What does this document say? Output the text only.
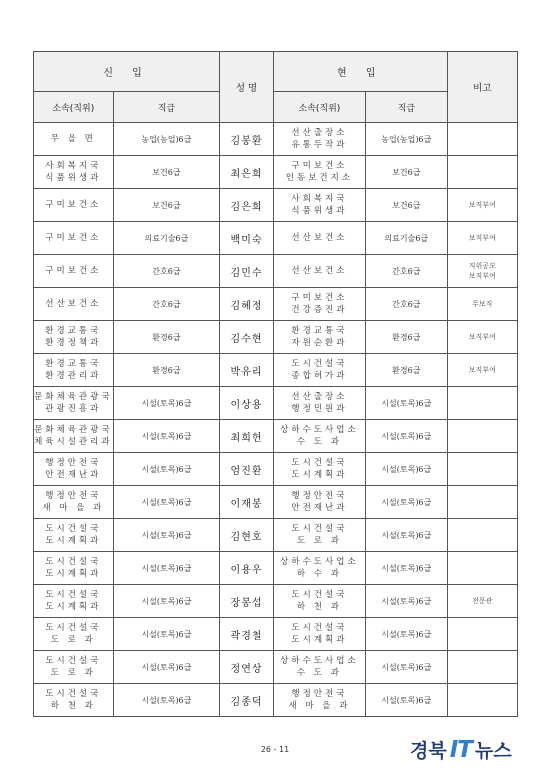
신 입		성 명	현 입		비고
소속(직위)	직급		소속(직위)	직급	

무 을 면	농업(농업)6급	김봉환	선산출장소
유통두작과	농업(농업)6급	

사회복지국
식품위생과	보건6급	최은희	구미보건소
인동보건지소	보건6급	

구미보건소	보건6급	김은희	사회복지국
식품위생과	보건6급	보직부여

구미보건소	의료기술6급	백미숙	선산보건소	의료기술6급	보직부여

구미보건소	간호6급	김민수	선산보건소	간호6급	직위공모
보직부여

선산보건소	간호6급	김혜정	구미보건소
건강증진과	간호6급	무보직

환경교통국
환경정책과	환경6급	김수현	환경교통국
자원순환과	환경6급	보직부여

환경교통국
환경관리과	환경6급	박유리	도시건설국
종합허가과	환경6급	보직부여

문화체육관광국
관광진흥과	시설(토목)6급	이상용	선산출장소
행정민원과	시설(토목)6급	

문화체육관광국
체육시설관리과	시설(토목)6급	최희헌	상하수도사업소
수 도 과	시설(토목)6급	

행정안전국
안전재난과	시설(토목)6급	엄진환	도시건설국
도시계획과	시설(토목)6급	

행정안전국
새 마 을 과	시설(토목)6급	이재봉	행정안전국
안전재난과	시설(토목)6급	

도시건설국
도시계획과	시설(토목)6급	김현호	도시건설국
도 로 과	시설(토목)6급	

도시건설국
도시계획과	시설(토목)6급	이용우	상하수도사업소
하 수 과	시설(토목)6급	

도시건설국
도시계획과	시설(토목)6급	장봉섭	도시건설국
하 천 과	시설(토목)6급	전문관

도시건설국
도 로 과	시설(토목)6급	곽경철	도시건설국
도시계획과	시설(토목)6급	

도시건설국
도 로 과	시설(토목)6급	정연상	상하수도사업소
수 도 과	시설(토목)6급	

도시건설국
하 천 과	시설(토목)6급	김종덕	행정안전국
새 마 을 과	시설(토목)6급	
26 - 11	경북 IT 뉴스
